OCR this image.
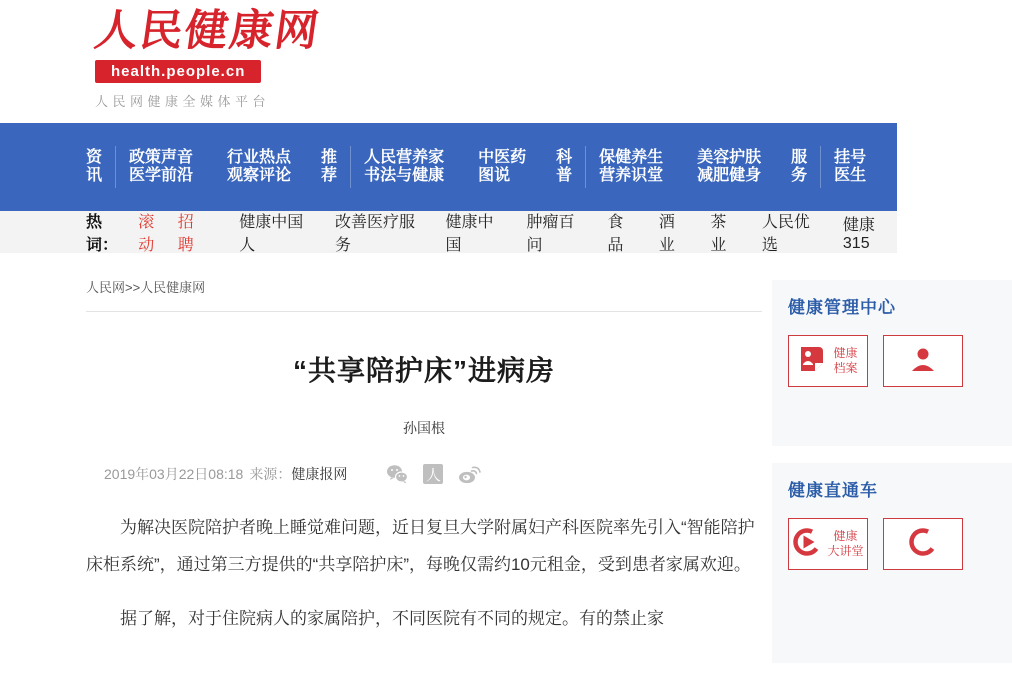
人民健康网
health.people.cn
人民网健康全媒体平台
资
讯
政策声音
医学前沿
行业热点
观察评论
推
荐
人民营养家
书法与健康
中医药
图说
科
普
保健养生
营养识堂
美容护肤
减肥健身
服
务
挂号
医生
百科
百问
热词：
滚动
招聘
健康中国人
改善医疗服务
健康中国
肿瘤百问
食品
酒业
茶业
人民优选
健康315
人民网>>人民健康网
“共享陪护床”进病房
孙国根
2019年03月22日08:18 来源： 健康报网	人

为解决医院陪护者晚上睡觉难问题，近日复旦大学附属妇产科医院率先引入“智能陪护床柜系统”，通过第三方提供的“共享陪护床”，每晚仅需约10元租金，受到患者家属欢迎。

据了解，对于住院病人的家属陪护，不同医院有不同的规定。有的禁止家

健康管理中心
健康
档案
健康直通车
健康
大讲堂
